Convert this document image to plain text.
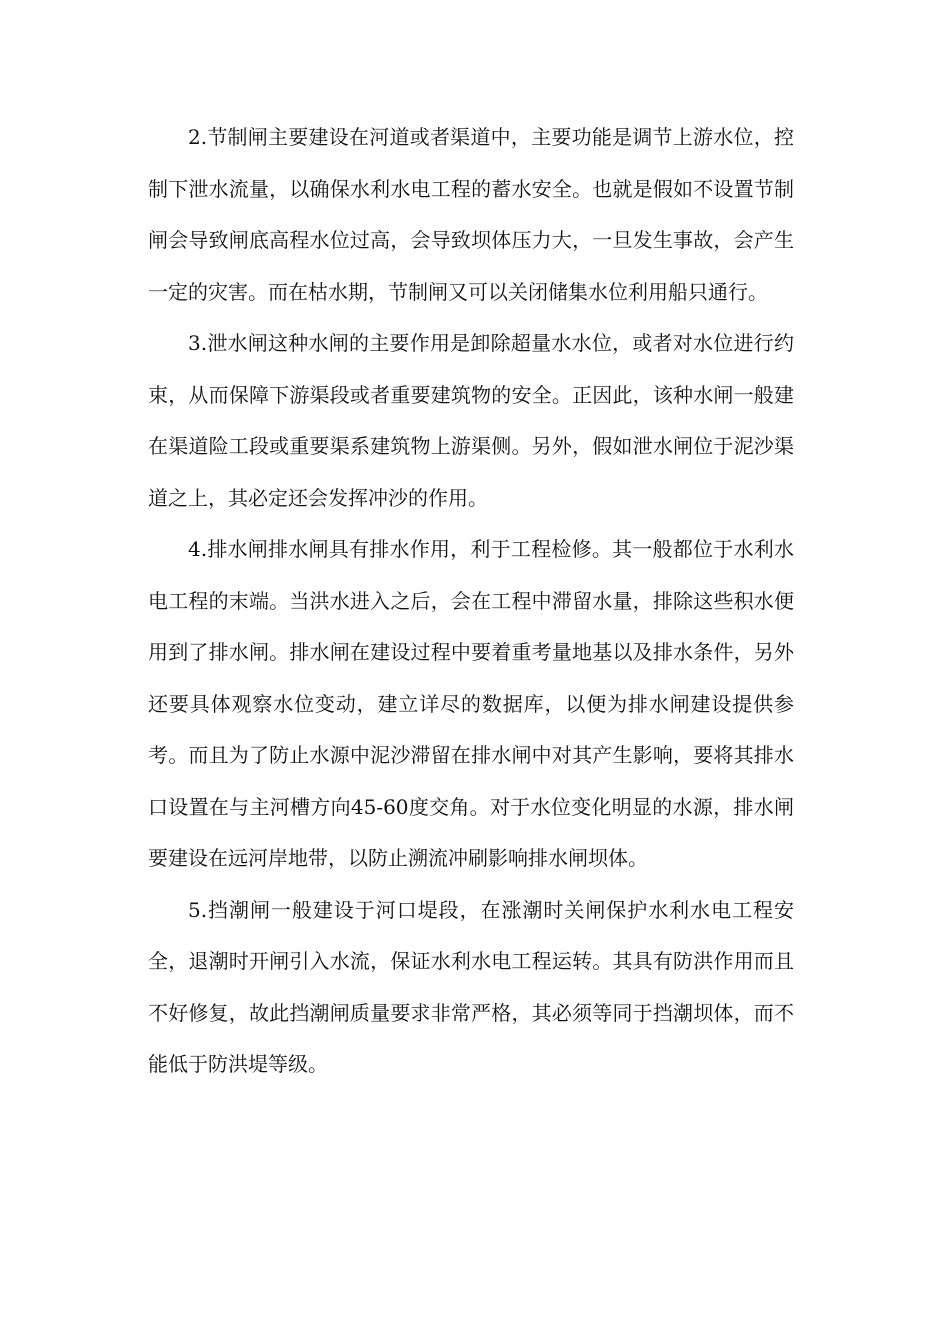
2.节制闸主要建设在河道或者渠道中，主要功能是调节上游水位，控制下泄水流量，以确保水利水电工程的蓄水安全。也就是假如不设置节制闸会导致闸底高程水位过高，会导致坝体压力大，一旦发生事故，会产生一定的灾害。而在枯水期，节制闸又可以关闭储集水位利用船只通行。

3.泄水闸这种水闸的主要作用是卸除超量水水位，或者对水位进行约束，从而保障下游渠段或者重要建筑物的安全。正因此，该种水闸一般建在渠道险工段或重要渠系建筑物上游渠侧。另外，假如泄水闸位于泥沙渠道之上，其必定还会发挥冲沙的作用。

4.排水闸排水闸具有排水作用，利于工程检修。其一般都位于水利水电工程的末端。当洪水进入之后，会在工程中滞留水量，排除这些积水便用到了排水闸。排水闸在建设过程中要着重考量地基以及排水条件，另外还要具体观察水位变动，建立详尽的数据库，以便为排水闸建设提供参考。而且为了防止水源中泥沙滞留在排水闸中对其产生影响，要将其排水口设置在与主河槽方向45-60度交角。对于水位变化明显的水源，排水闸要建设在远河岸地带，以防止溯流冲刷影响排水闸坝体。

5.挡潮闸一般建设于河口堤段，在涨潮时关闸保护水利水电工程安全，退潮时开闸引入水流，保证水利水电工程运转。其具有防洪作用而且不好修复，故此挡潮闸质量要求非常严格，其必须等同于挡潮坝体，而不能低于防洪堤等级。
